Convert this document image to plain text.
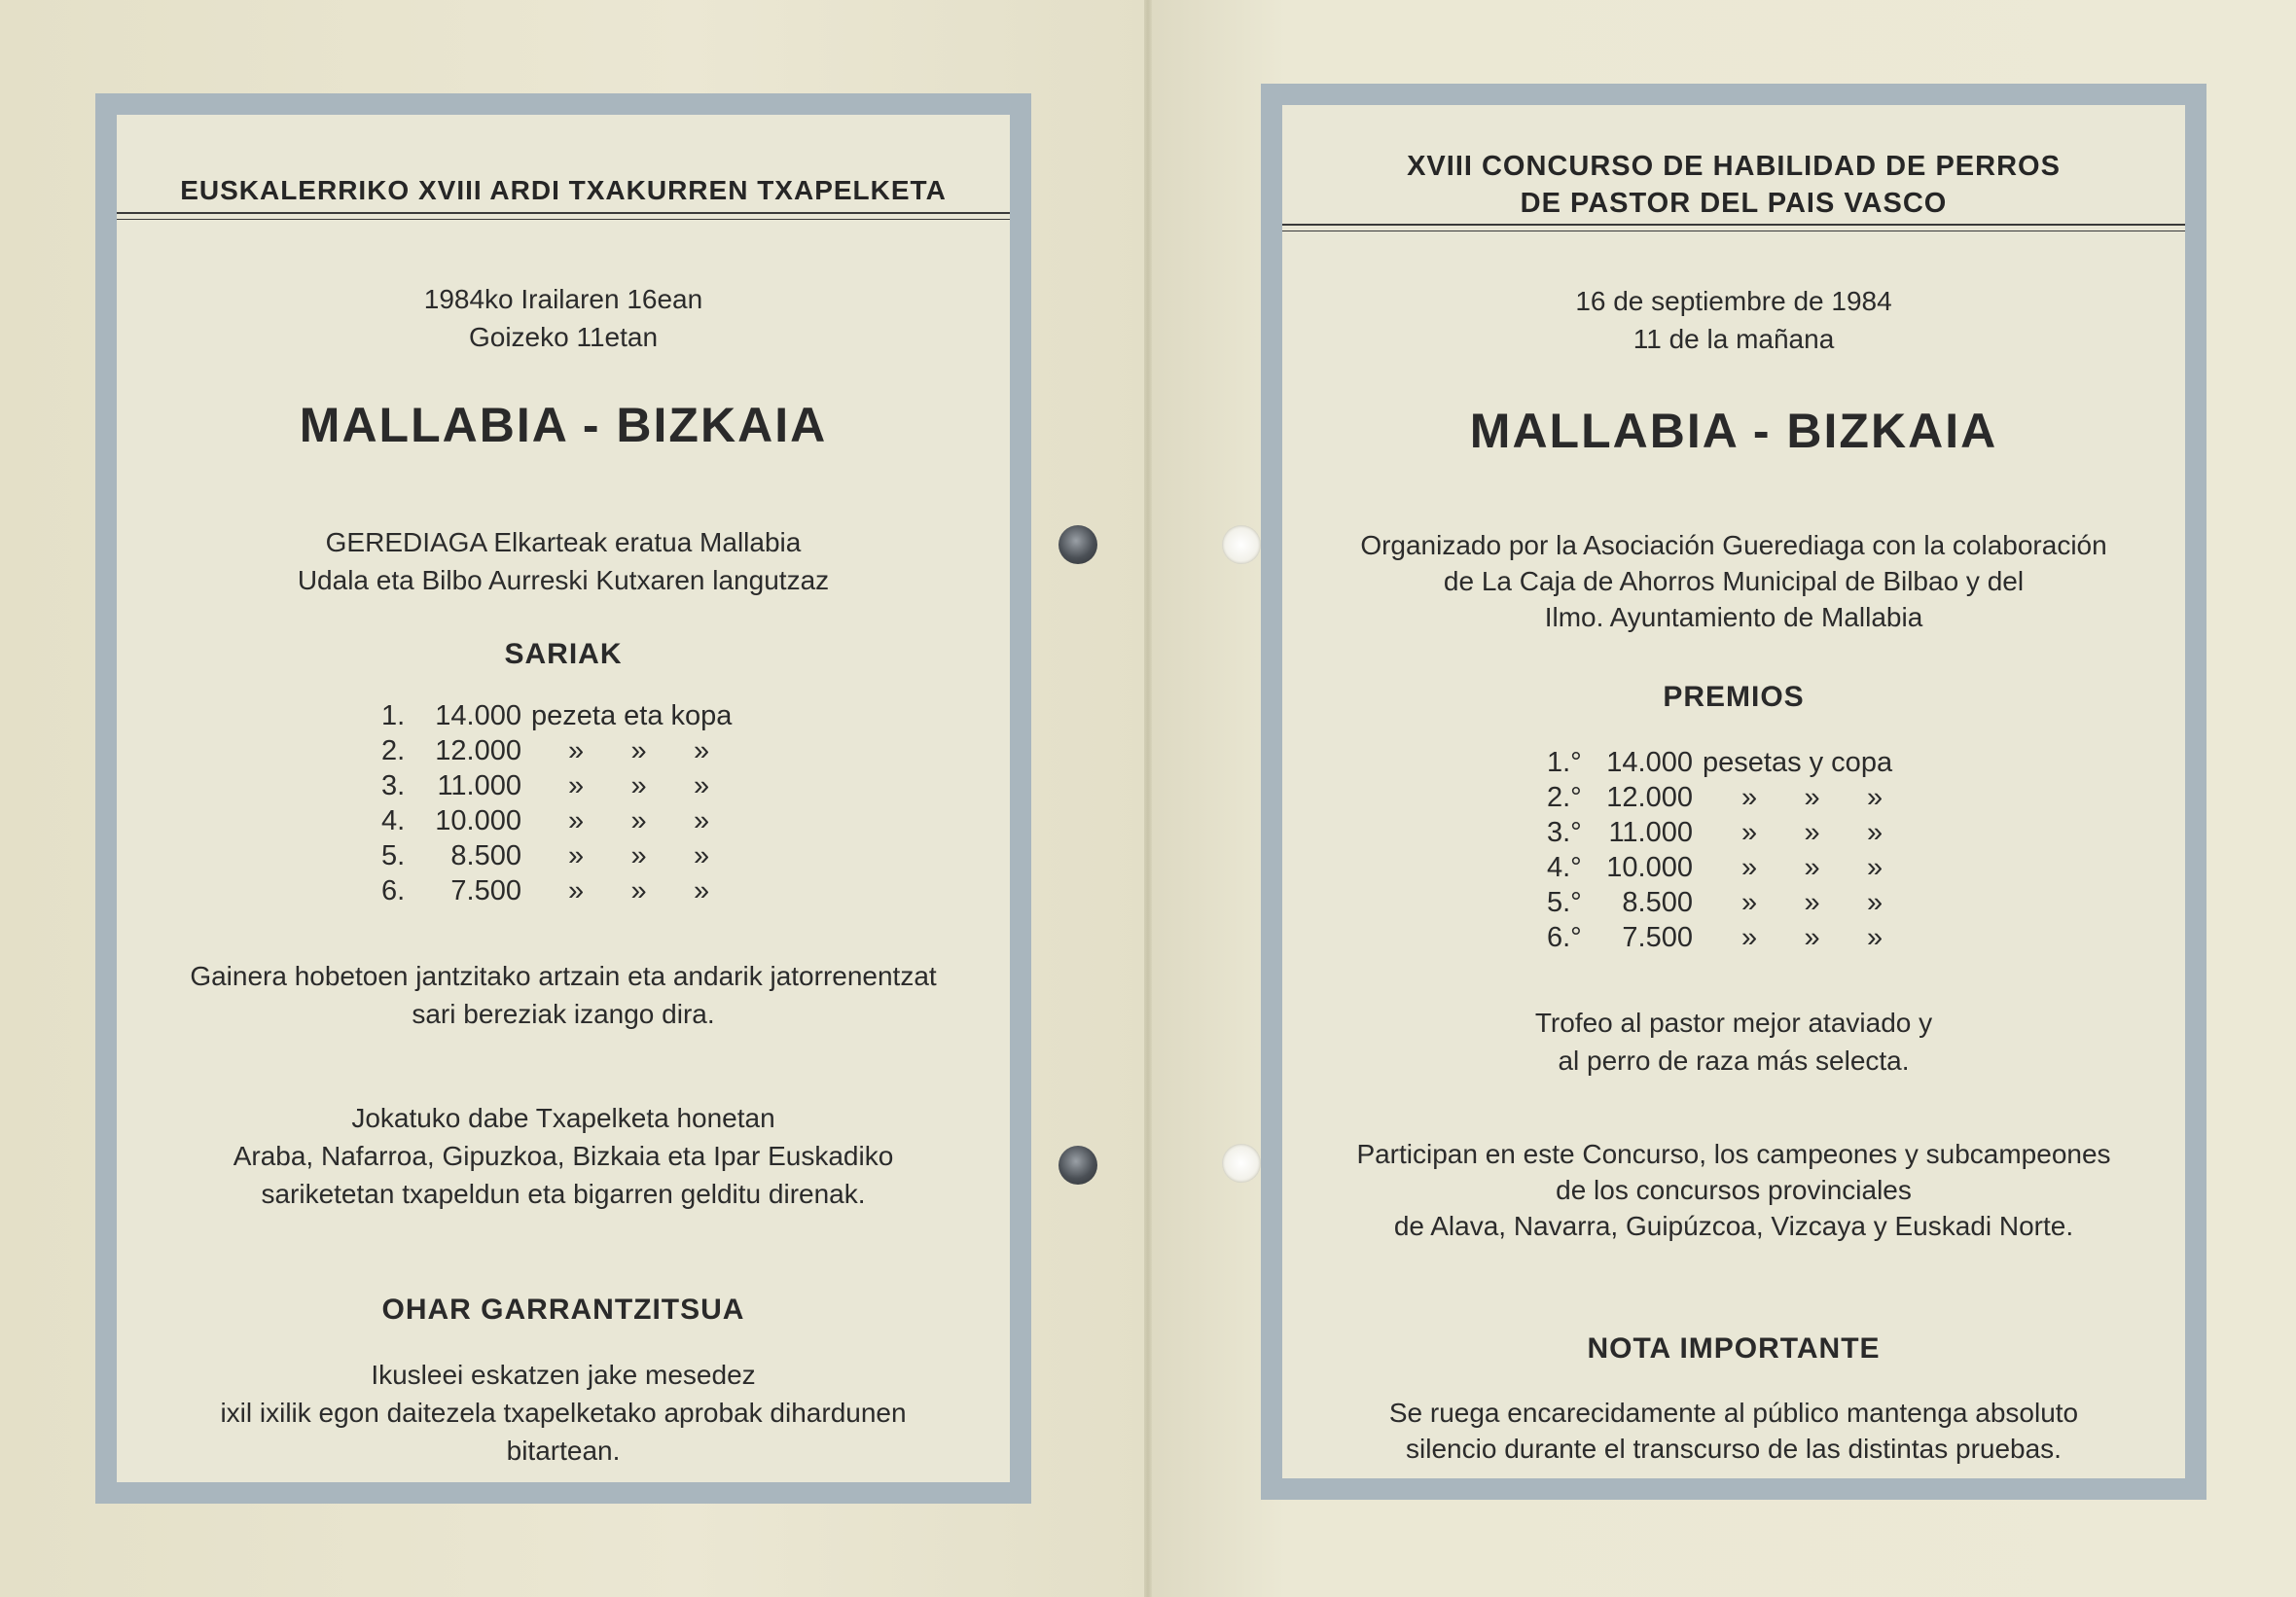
EUSKALERRIKO XVIII ARDI TXAKURREN TXAPELKETA
1984ko Irailaren 16ean
Goizeko 11etan
MALLABIA - BIZKAIA
GEREDIAGA Elkarteak eratua Mallabia
Udala eta Bilbo Aurreski Kutxaren langutzaz
SARIAK
1.	14.000 pezeta eta kopa
2.	12.000	»      »      »
3.	11.000	»      »      »
4.	10.000	»      »      »
5.	8.500	»      »      »
6.	7.500	»      »      »
Gainera hobetoen jantzitako artzain eta andarik jatorrenentzat
sari bereziak izango dira.
Jokatuko dabe Txapelketa honetan
Araba, Nafarroa, Gipuzkoa, Bizkaia eta Ipar Euskadiko
sariketetan txapeldun eta bigarren gelditu direnak.
OHAR GARRANTZITSUA
Ikusleei eskatzen jake mesedez
ixil ixilik egon daitezela txapelketako aprobak dihardunen
bitartean.
XVIII CONCURSO DE HABILIDAD DE PERROS
DE PASTOR DEL PAIS VASCO
16 de septiembre de 1984
11 de la mañana
MALLABIA - BIZKAIA
Organizado por la Asociación Guerediaga con la colaboración
de La Caja de Ahorros Municipal de Bilbao y del
Ilmo. Ayuntamiento de Mallabia
PREMIOS
1.° 14.000 pesetas y copa
2.° 12.000	»      »      »
3.° 11.000	»      »      »
4.° 10.000	»      »      »
5.°	8.500	»      »      »
6.°	7.500	»      »      »
Trofeo al pastor mejor ataviado y
al perro de raza más selecta.
Participan en este Concurso, los campeones y subcampeones
de los concursos provinciales
de Alava, Navarra, Guipúzcoa, Vizcaya y Euskadi Norte.
NOTA IMPORTANTE
Se ruega encarecidamente al público mantenga absoluto
silencio durante el transcurso de las distintas pruebas.
